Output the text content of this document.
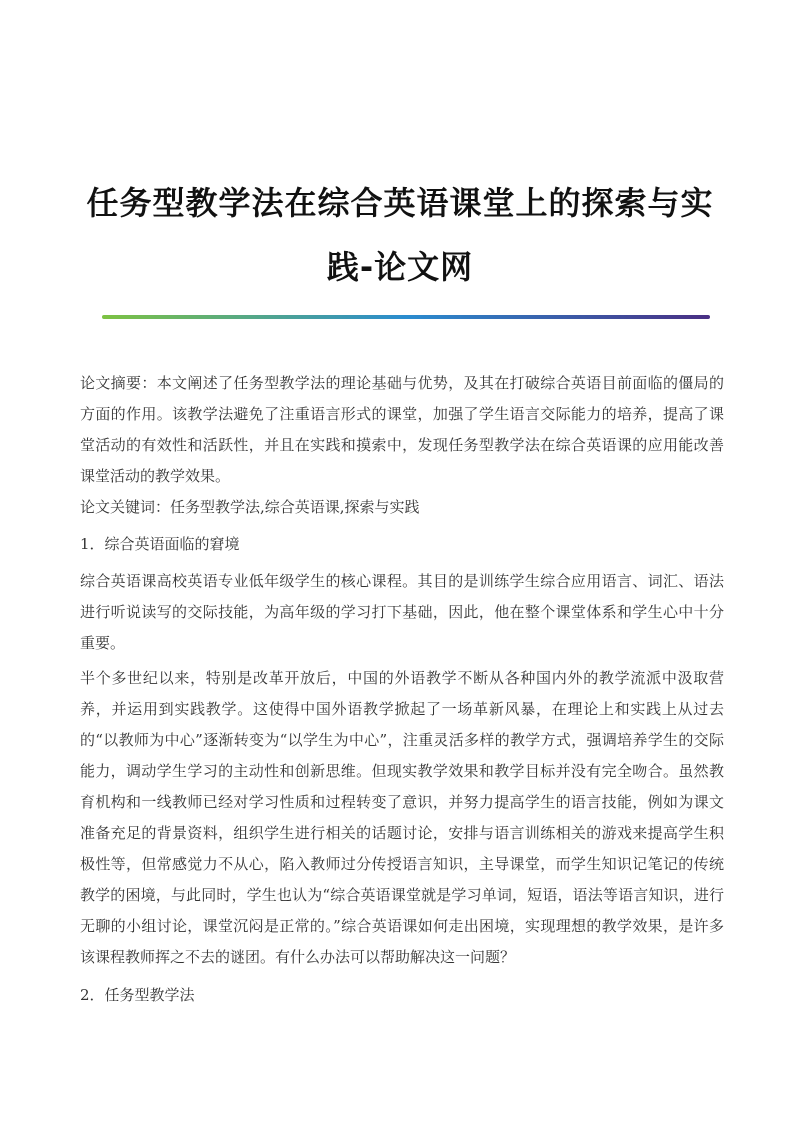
任务型教学法在综合英语课堂上的探索与实
践-论文网

论文摘要：本文阐述了任务型教学法的理论基础与优势，及其在打破综合英语目前面临的僵局的方面的作用。该教学法避免了注重语言形式的课堂，加强了学生语言交际能力的培养，提高了课堂活动的有效性和活跃性，并且在实践和摸索中，发现任务型教学法在综合英语课的应用能改善课堂活动的教学效果。

论文关键词：任务型教学法,综合英语课,探索与实践

1．综合英语面临的窘境

综合英语课高校英语专业低年级学生的核心课程。其目的是训练学生综合应用语言、词汇、语法进行听说读写的交际技能，为高年级的学习打下基础，因此，他在整个课堂体系和学生心中十分重要。

半个多世纪以来，特别是改革开放后，中国的外语教学不断从各种国内外的教学流派中汲取营养，并运用到实践教学。这使得中国外语教学掀起了一场革新风暴，在理论上和实践上从过去的“以教师为中心”逐渐转变为“以学生为中心”，注重灵活多样的教学方式，强调培养学生的交际能力，调动学生学习的主动性和创新思维。但现实教学效果和教学目标并没有完全吻合。虽然教育机构和一线教师已经对学习性质和过程转变了意识，并努力提高学生的语言技能，例如为课文准备充足的背景资料，组织学生进行相关的话题讨论，安排与语言训练相关的游戏来提高学生积极性等，但常感觉力不从心，陷入教师过分传授语言知识，主导课堂，而学生知识记笔记的传统教学的困境，与此同时，学生也认为“综合英语课堂就是学习单词，短语，语法等语言知识，进行无聊的小组讨论，课堂沉闷是正常的。”综合英语课如何走出困境，实现理想的教学效果，是许多该课程教师挥之不去的谜团。有什么办法可以帮助解决这一问题？

2．任务型教学法
